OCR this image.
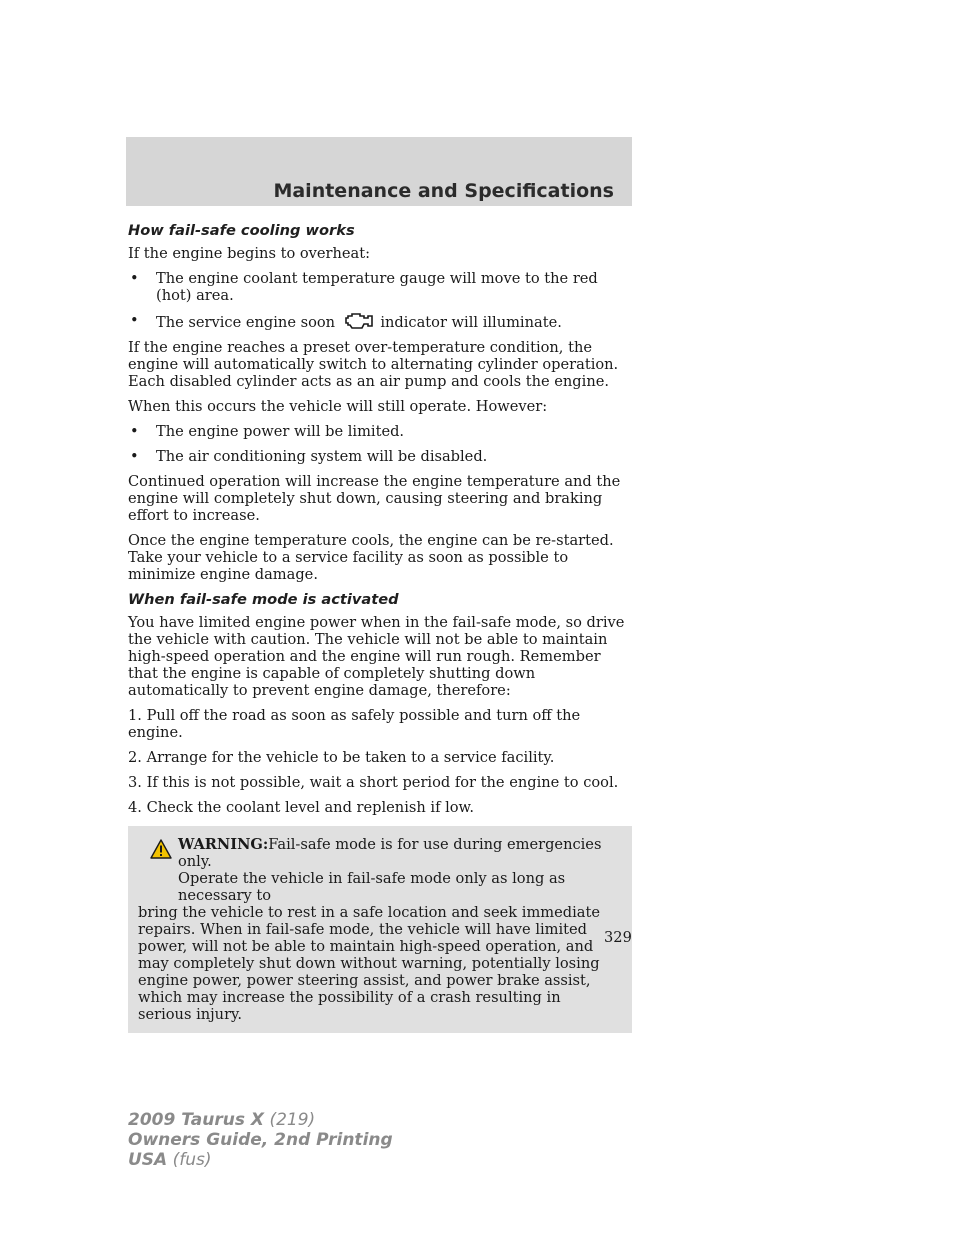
Maintenance and Specifications
How fail-safe cooling works

If the engine begins to overheat:

• The engine coolant temperature gauge will move to the red (hot) area.
• The service engine soon	indicator will illuminate.

If the engine reaches a preset over-temperature condition, the engine will automatically switch to alternating cylinder operation. Each disabled cylinder acts as an air pump and cools the engine.

When this occurs the vehicle will still operate. However:

• The engine power will be limited.
• The air conditioning system will be disabled.

Continued operation will increase the engine temperature and the engine will completely shut down, causing steering and braking effort to increase.

Once the engine temperature cools, the engine can be re-started. Take your vehicle to a service facility as soon as possible to minimize engine damage.

When fail-safe mode is activated

You have limited engine power when in the fail-safe mode, so drive the vehicle with caution. The vehicle will not be able to maintain high-speed operation and the engine will run rough. Remember that the engine is capable of completely shutting down automatically to prevent engine damage, therefore:

1. Pull off the road as soon as safely possible and turn off the engine.

2. Arrange for the vehicle to be taken to a service facility.

3. If this is not possible, wait a short period for the engine to cool.

4. Check the coolant level and replenish if low.

WARNING:Fail-safe mode is for use during emergencies only.
Operate the vehicle in fail-safe mode only as long as necessary to
bring the vehicle to rest in a safe location and seek immediate repairs. When in fail-safe mode, the vehicle will have limited power, will not be able to maintain high-speed operation, and may completely shut down without warning, potentially losing engine power, power steering assist, and power brake assist, which may increase the possibility of a crash resulting in serious injury.
329
2009 Taurus X (219)
Owners Guide, 2nd Printing
USA (fus)
